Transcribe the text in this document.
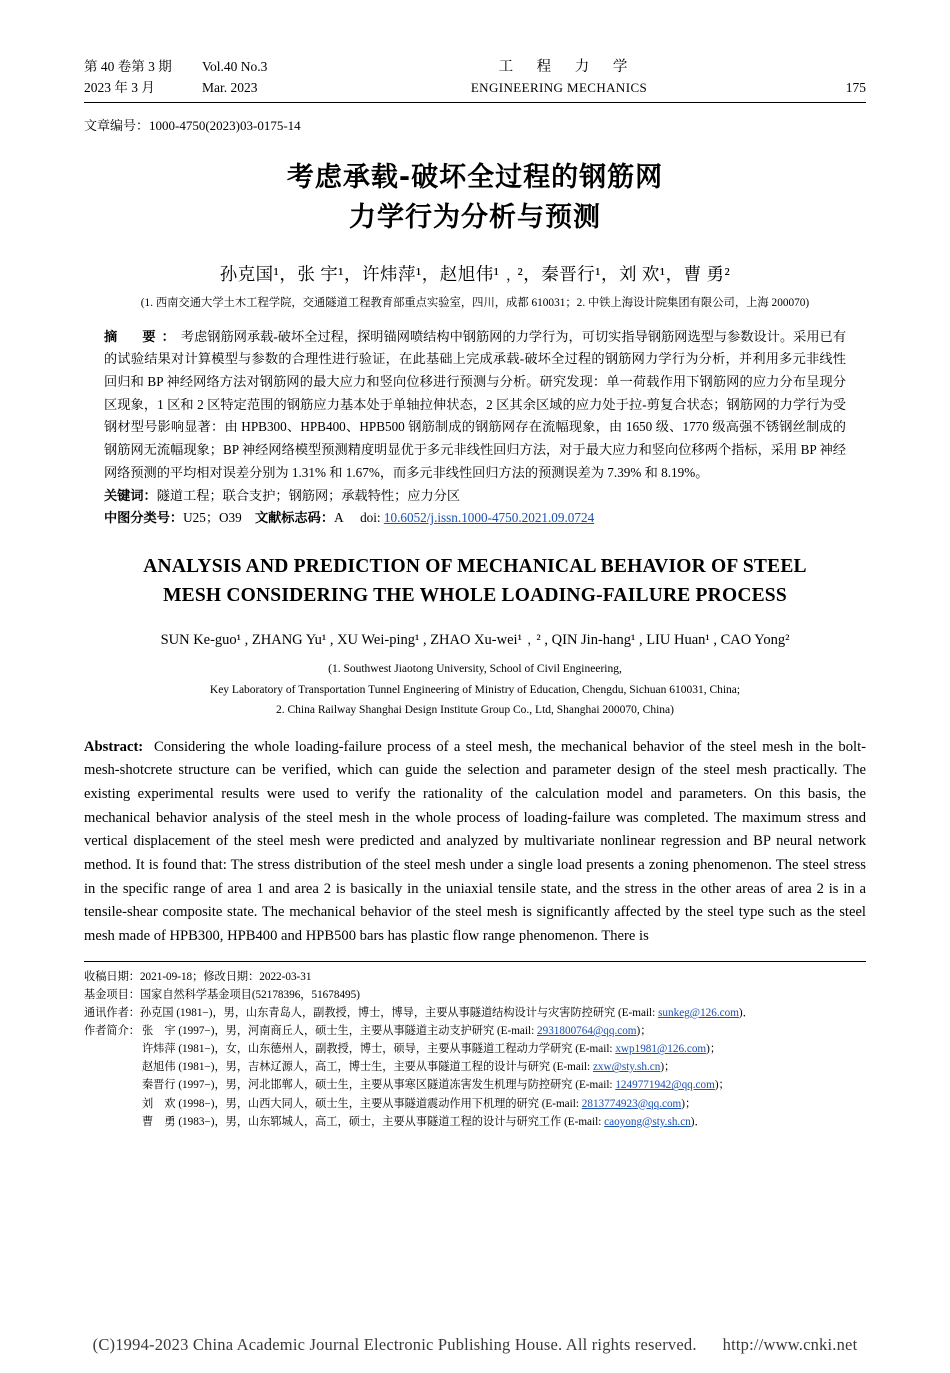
第 40 卷第 3 期	Vol.40 No.3	工 程 力 学
2023 年 3 月	Mar. 2023	ENGINEERING MECHANICS	175
文章编号：1000-4750(2023)03-0175-14
考虑承载-破坏全过程的钢筋网
力学行为分析与预测
孙克国¹，张 宇¹，许炜萍¹，赵旭伟¹﹐²，秦晋行¹，刘 欢¹，曹 勇²
(1. 西南交通大学土木工程学院，交通隧道工程教育部重点实验室，四川，成都 610031；2. 中铁上海设计院集团有限公司，上海 200070)
摘　要：考虑钢筋网承载-破坏全过程，探明锚网喷结构中钢筋网的力学行为，可切实指导钢筋网选型与参数设计。采用已有的试验结果对计算模型与参数的合理性进行验证，在此基础上完成承载-破坏全过程的钢筋网力学行为分析，并利用多元非线性回归和 BP 神经网络方法对钢筋网的最大应力和竖向位移进行预测与分析。研究发现：单一荷载作用下钢筋网的应力分布呈现分区现象，1 区和 2 区特定范围的钢筋应力基本处于单轴拉伸状态，2 区其余区域的应力处于拉-剪复合状态；钢筋网的力学行为受钢材型号影响显著：由 HPB300、HPB400、HPB500 钢筋制成的钢筋网存在流幅现象，由 1650 级、1770 级高强不锈钢丝制成的钢筋网无流幅现象；BP 神经网络模型预测精度明显优于多元非线性回归方法，对于最大应力和竖向位移两个指标，采用 BP 神经网络预测的平均相对误差分别为 1.31% 和 1.67%，而多元非线性回归方法的预测误差为 7.39% 和 8.19%。
关键词：隧道工程；联合支护；钢筋网；承载特性；应力分区
中图分类号：U25；O39 文献标志码：A doi: 10.6052/j.issn.1000-4750.2021.09.0724
ANALYSIS AND PREDICTION OF MECHANICAL BEHAVIOR OF STEEL
MESH CONSIDERING THE WHOLE LOADING-FAILURE PROCESS
SUN Ke-guo¹ , ZHANG Yu¹ , XU Wei-ping¹ , ZHAO Xu-wei¹﹐² , QIN Jin-hang¹ , LIU Huan¹ , CAO Yong²
(1. Southwest Jiaotong University, School of Civil Engineering,
Key Laboratory of Transportation Tunnel Engineering of Ministry of Education, Chengdu, Sichuan 610031, China;
2. China Railway Shanghai Design Institute Group Co., Ltd, Shanghai 200070, China)
Abstract: Considering the whole loading-failure process of a steel mesh, the mechanical behavior of the steel mesh in the bolt-mesh-shotcrete structure can be verified, which can guide the selection and parameter design of the steel mesh practically. The existing experimental results were used to verify the rationality of the calculation model and parameters. On this basis, the mechanical behavior analysis of the steel mesh in the whole process of loading-failure was completed. The maximum stress and vertical displacement of the steel mesh were predicted and analyzed by multivariate nonlinear regression and BP neural network method. It is found that: The stress distribution of the steel mesh under a single load presents a zoning phenomenon. The steel stress in the specific range of area 1 and area 2 is basically in the uniaxial tensile state, and the stress in the other areas of area 2 is in a tensile-shear composite state. The mechanical behavior of the steel mesh is significantly affected by the steel type such as the steel mesh made of HPB300, HPB400 and HPB500 bars has plastic flow range phenomenon. There is
收稿日期：2021-09-18；修改日期：2022-03-31
基金项目：国家自然科学基金项目(52178396，51678495)
通讯作者：孙克国 (1981−)，男，山东青岛人，副教授，博士，博导，主要从事隧道结构设计与灾害防控研究 (E-mail: sunkeg@126.com)．
作者简介：	张　宇 (1997−)，男，河南商丘人，硕士生，主要从事隧道主动支护研究 (E-mail: 2931800764@qq.com)；
	许炜萍 (1981−)，女，山东德州人，副教授，博士，硕导，主要从事隧道工程动力学研究 (E-mail: xwp1981@126.com)；
	赵旭伟 (1981−)，男，吉林辽源人，高工，博士生，主要从事隧道工程的设计与研究 (E-mail: zxw@sty.sh.cn)；
	秦晋行 (1997−)，男，河北邯郸人，硕士生，主要从事寒区隧道冻害发生机理与防控研究 (E-mail: 1249771942@qq.com)；
	刘　欢 (1998−)，男，山西大同人，硕士生，主要从事隧道震动作用下机理的研究 (E-mail: 2813774923@qq.com)；
	曹　勇 (1983−)，男，山东郓城人，高工，硕士，主要从事隧道工程的设计与研究工作 (E-mail: caoyong@sty.sh.cn)．
(C)1994-2023 China Academic Journal Electronic Publishing House. All rights reserved. http://www.cnki.net
